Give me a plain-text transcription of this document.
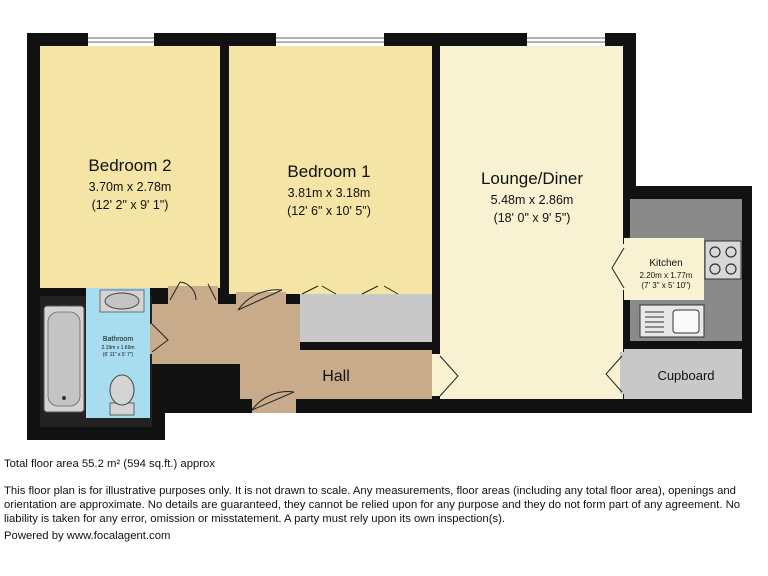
Bedroom 2
3.70m x 2.78m
(12' 2" x 9' 1")
Bedroom 1
3.81m x 3.18m
(12' 6" x 10' 5")
Lounge/Diner
5.48m x 2.86m
(18' 0" x 9' 5")
Kitchen
2.20m x 1.77m
(7' 3" x 5' 10")
Bathroom
2.19m x 1.69m
(6' 11" x 5' 7")
Hall	Cupboard
Total floor area 55.2 m² (594 sq.ft.) approx
This floor plan is for illustrative purposes only. It is not drawn to scale. Any measurements, floor areas (including any total floor area), openings and orientation are approximate. No details are guaranteed, they cannot be relied upon for any purpose and they do not form part of any agreement. No liability is taken for any error, omission or misstatement. A party must rely upon its own inspection(s).
Powered by www.focalagent.com
